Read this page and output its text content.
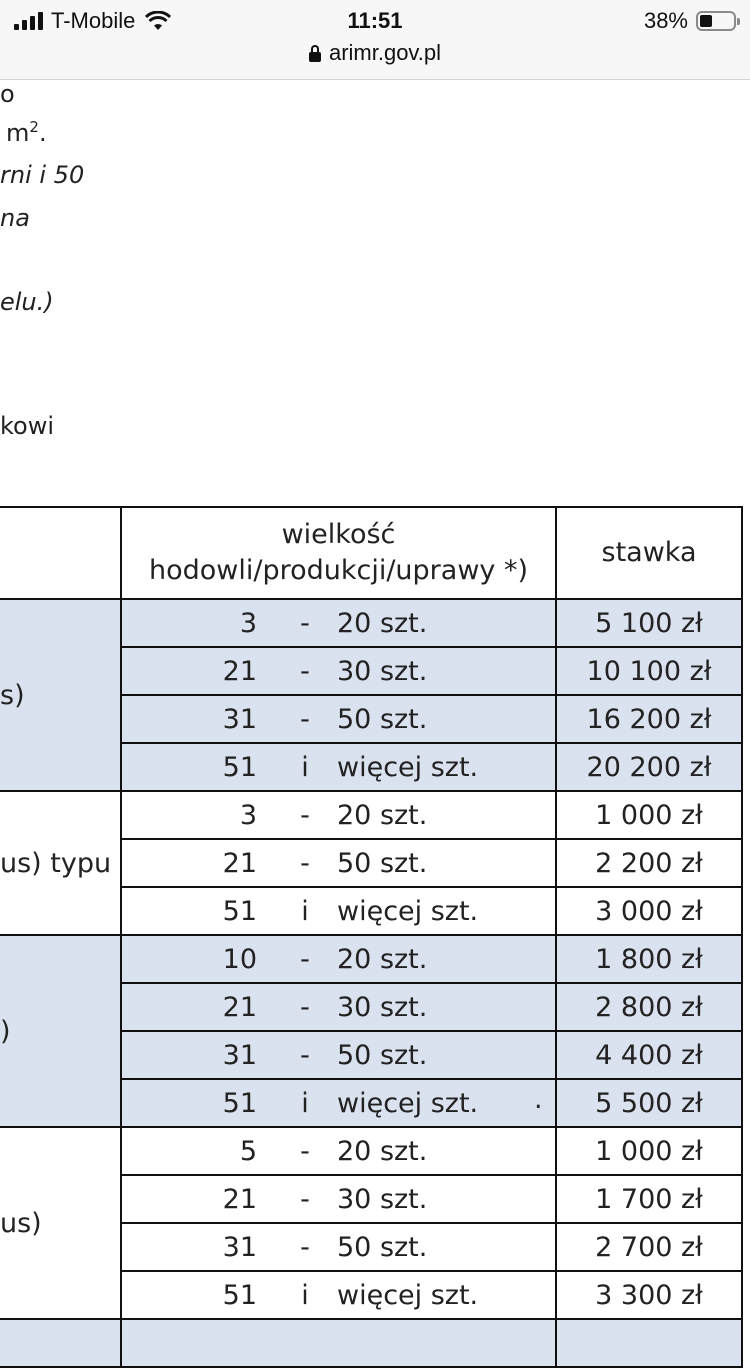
T-Mobile	11:51	38%
arimr.gov.pl
o
$m^2$.
rni i 50
na
elu.)
kowi
	wielkość
hodowli/produkcji/uprawy *)	stawka
s)	3 - 20 szt.	5 100 zł

	21 - 30 szt.	10 100 zł

	31 - 50 szt.	16 200 zł

	51 i więcej szt.	20 200 zł
us) typu	3 - 20 szt.	1 000 zł

	21 - 50 szt.	2 200 zł

	51 i więcej szt.	3 000 zł
)	10 - 20 szt.	1 800 zł

	21 - 30 szt.	2 800 zł

	31 - 50 szt.	4 400 zł

	51 i więcej szt. .	5 500 zł
us)	5 - 20 szt.	1 000 zł

	21 - 30 szt.	1 700 zł

	31 - 50 szt.	2 700 zł

	51 i więcej szt.	3 300 zł
